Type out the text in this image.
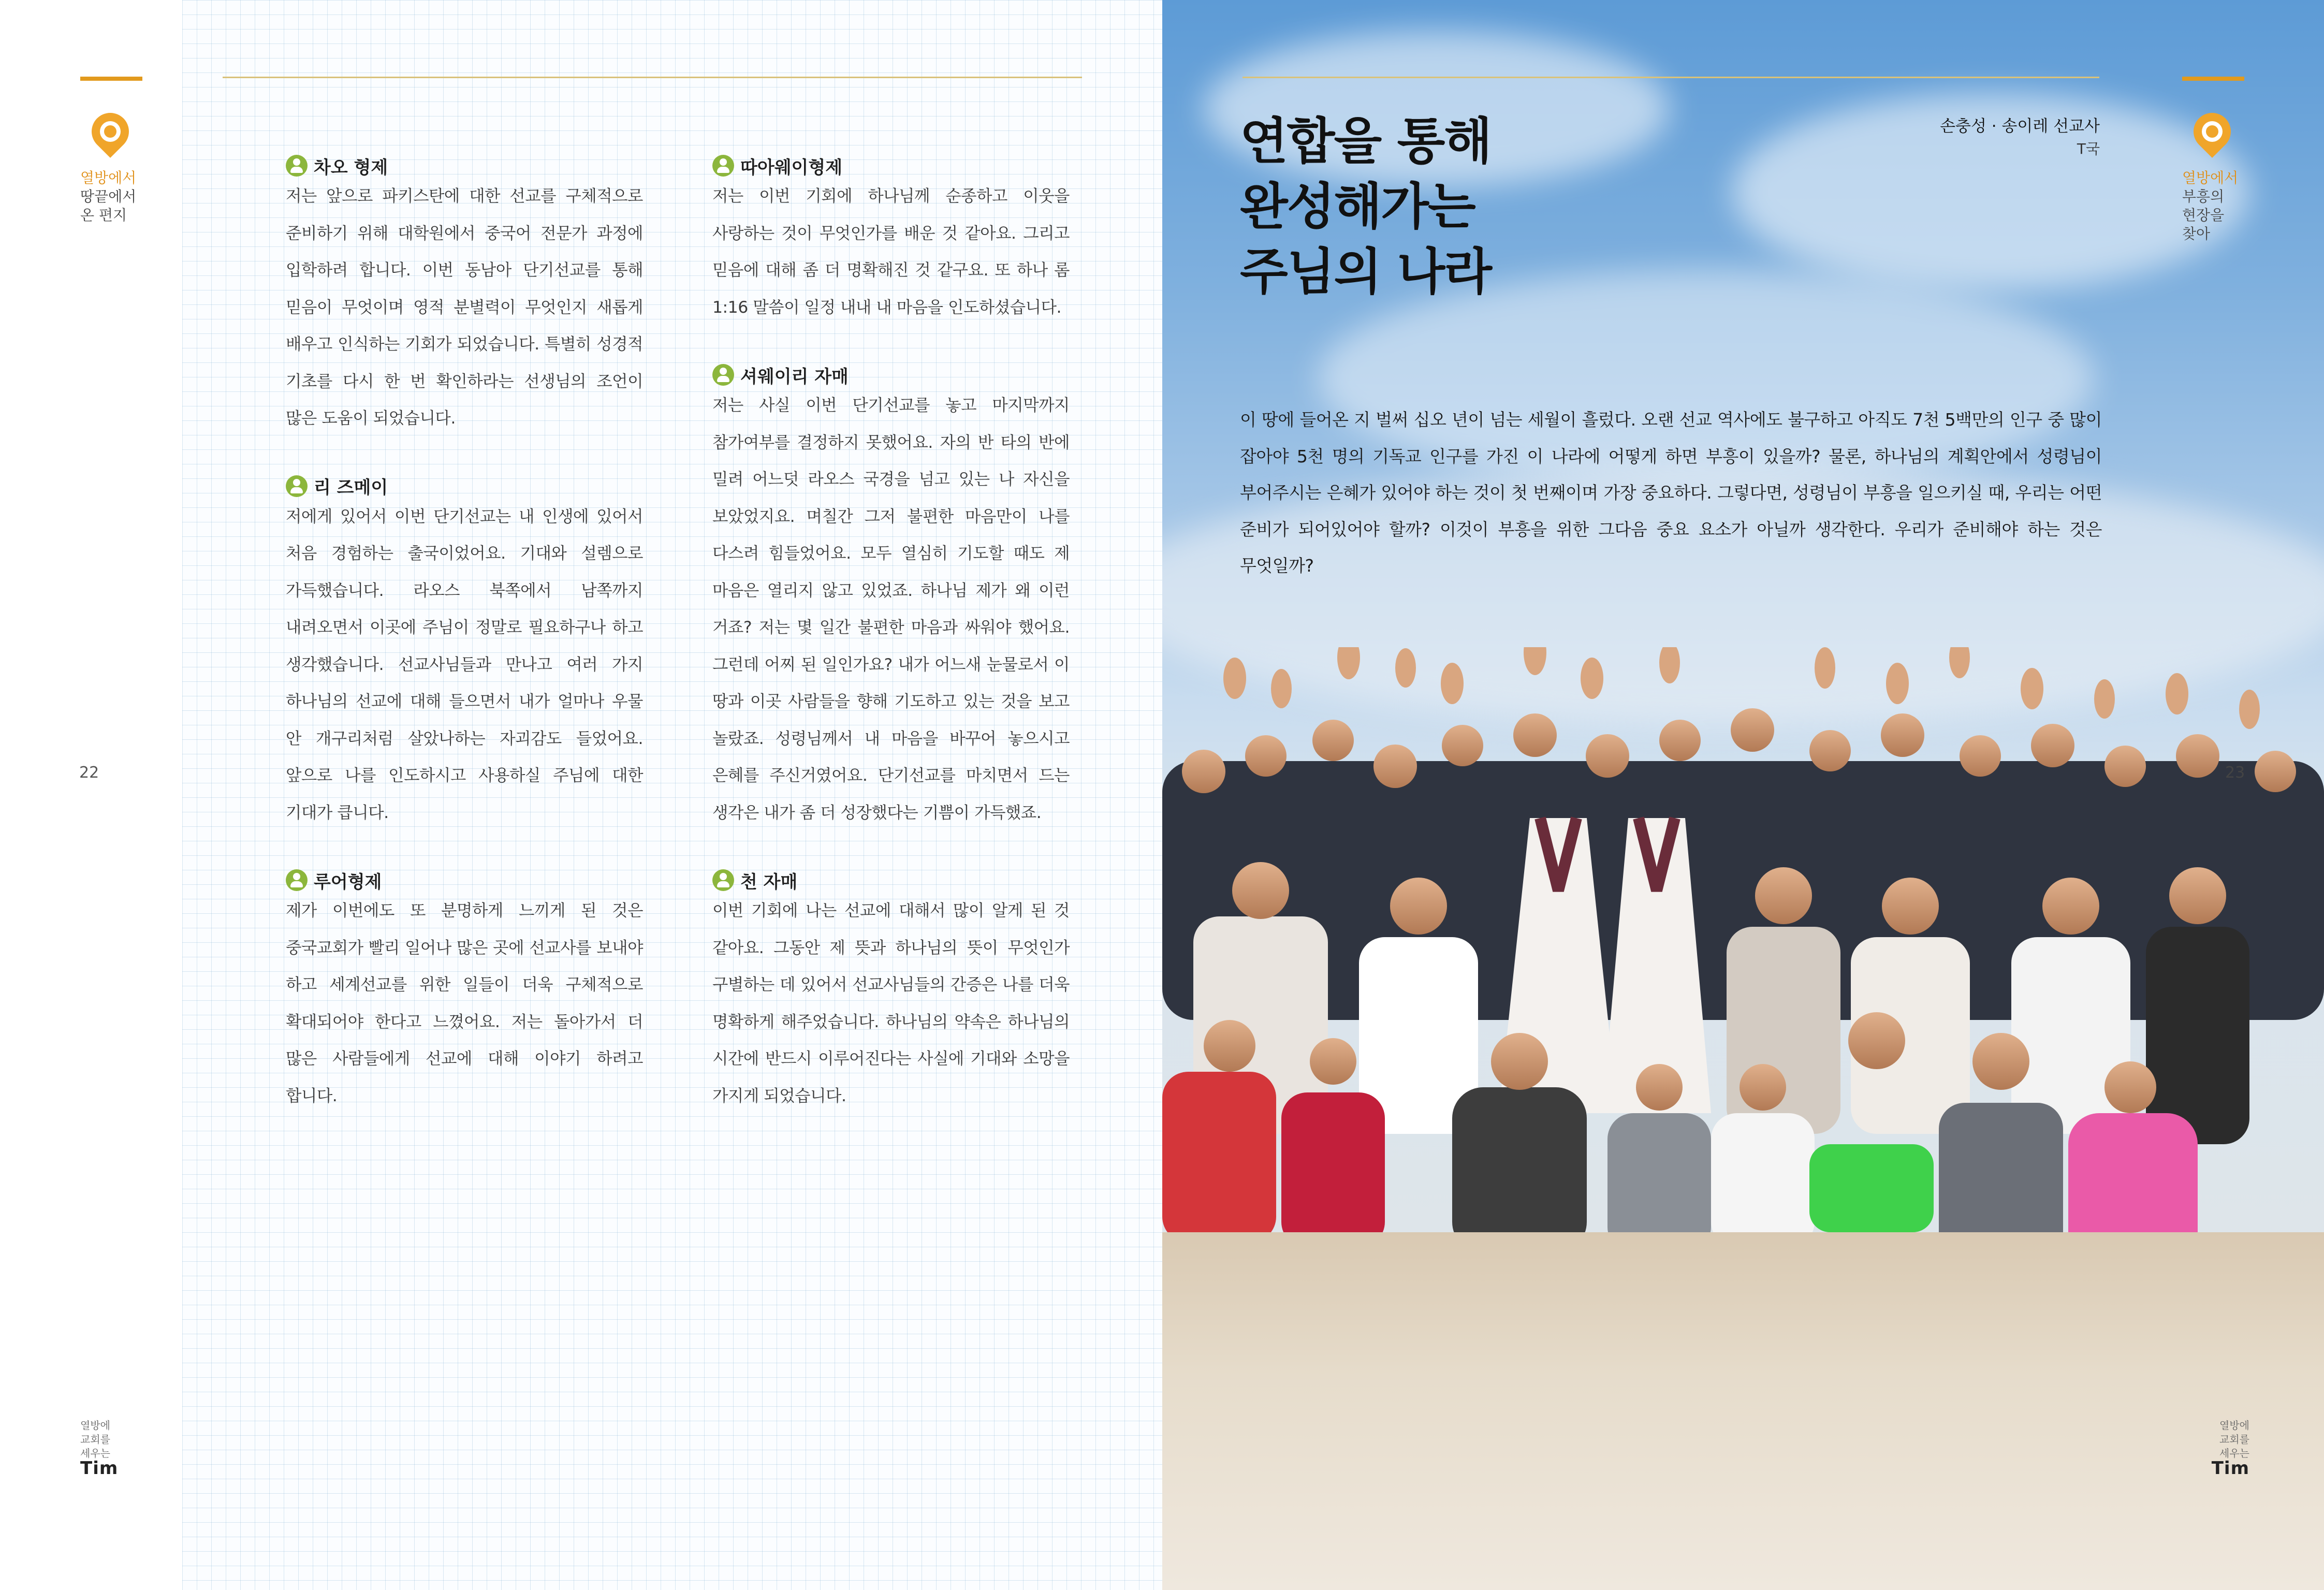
열방에서
땅끝에서
온 편지
22
열방에
교회를
세우는
Tim
차오 형제
저는 앞으로 파키스탄에 대한 선교를 구체적으로 준비하기 위해 대학원에서 중국어 전문가 과정에 입학하려 합니다. 이번 동남아 단기선교를 통해 믿음이 무엇이며 영적 분별력이 무엇인지 새롭게 배우고 인식하는 기회가 되었습니다. 특별히 성경적 기초를 다시 한 번 확인하라는 선생님의 조언이 많은 도움이 되었습니다.
리 즈메이
저에게 있어서 이번 단기선교는 내 인생에 있어서 처음 경험하는 출국이었어요. 기대와 설렘으로 가득했습니다. 라오스 북쪽에서 남쪽까지 내려오면서 이곳에 주님이 정말로 필요하구나 하고 생각했습니다. 선교사님들과 만나고 여러 가지 하나님의 선교에 대해 들으면서 내가 얼마나 우물 안 개구리처럼 살았나하는 자괴감도 들었어요. 앞으로 나를 인도하시고 사용하실 주님에 대한 기대가 큽니다.
루어형제
제가 이번에도 또 분명하게 느끼게 된 것은 중국교회가 빨리 일어나 많은 곳에 선교사를 보내야 하고 세계선교를 위한 일들이 더욱 구체적으로 확대되어야 한다고 느꼈어요. 저는 돌아가서 더 많은 사람들에게 선교에 대해 이야기 하려고 합니다.
따아웨이형제
저는 이번 기회에 하나님께 순종하고 이웃을 사랑하는 것이 무엇인가를 배운 것 같아요. 그리고 믿음에 대해 좀 더 명확해진 것 같구요. 또 하나 롬 1:16 말씀이 일정 내내 내 마음을 인도하셨습니다.
셔웨이리 자매
저는 사실 이번 단기선교를 놓고 마지막까지 참가여부를 결정하지 못했어요. 자의 반 타의 반에 밀려 어느덧 라오스 국경을 넘고 있는 나 자신을 보았었지요. 며칠간 그저 불편한 마음만이 나를 다스려 힘들었어요. 모두 열심히 기도할 때도 제 마음은 열리지 않고 있었죠. 하나님 제가 왜 이런 거죠? 저는 몇 일간 불편한 마음과 싸워야 했어요. 그런데 어찌 된 일인가요? 내가 어느새 눈물로서 이 땅과 이곳 사람들을 향해 기도하고 있는 것을 보고 놀랐죠. 성령님께서 내 마음을 바꾸어 놓으시고 은혜를 주신거였어요. 단기선교를 마치면서 드는 생각은 내가 좀 더 성장했다는 기쁨이 가득했죠.
천 자매
이번 기회에 나는 선교에 대해서 많이 알게 된 것 같아요. 그동안 제 뜻과 하나님의 뜻이 무엇인가 구별하는 데 있어서 선교사님들의 간증은 나를 더욱 명확하게 해주었습니다. 하나님의 약속은 하나님의 시간에 반드시 이루어진다는 사실에 기대와 소망을 가지게 되었습니다.
연합을 통해
완성해가는
주님의 나라
손충성 · 송이레 선교사
T국
이 땅에 들어온 지 벌써 십오 년이 넘는 세월이 흘렀다. 오랜 선교 역사에도 불구하고 아직도 7천 5백만의 인구 중 많이 잡아야 5천 명의 기독교 인구를 가진 이 나라에 어떻게 하면 부흥이 있을까? 물론, 하나님의 계획안에서 성령님이 부어주시는 은혜가 있어야 하는 것이 첫 번째이며 가장 중요하다. 그렇다면, 성령님이 부흥을 일으키실 때, 우리는 어떤 준비가 되어있어야 할까? 이것이 부흥을 위한 그다음 중요 요소가 아닐까 생각한다. 우리가 준비해야 하는 것은 무엇일까?
열방에서
부흥의
현장을
찾아
23
열방에
교회를
세우는
Tim
